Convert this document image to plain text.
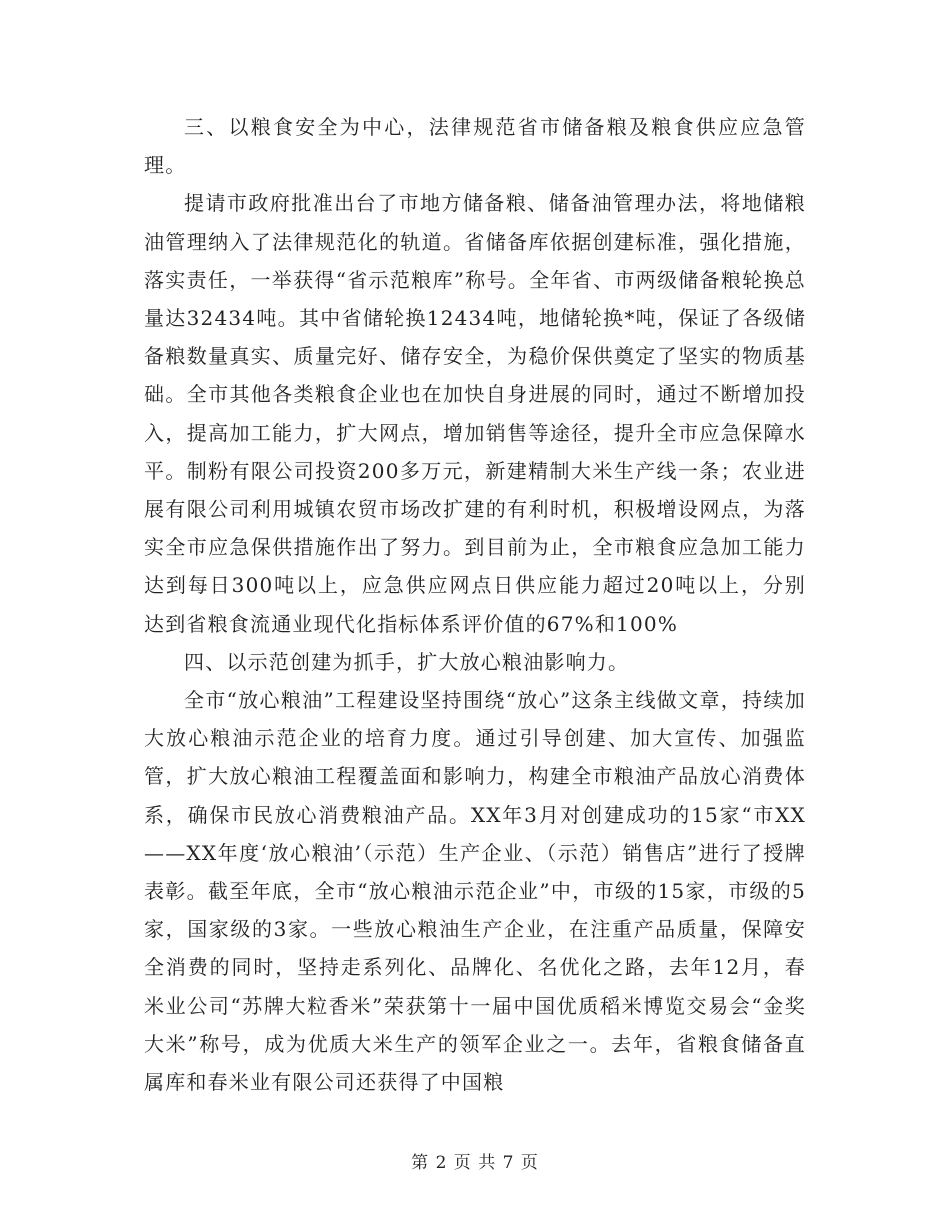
三、以粮食安全为中心，法律规范省市储备粮及粮食供应应急管理。

提请市政府批准出台了市地方储备粮、储备油管理办法，将地储粮油管理纳入了法律规范化的轨道。省储备库依据创建标准，强化措施，落实责任，一举获得“省示范粮库”称号。全年省、市两级储备粮轮换总量达32434吨。其中省储轮换12434吨，地储轮换*吨，保证了各级储备粮数量真实、质量完好、储存安全，为稳价保供奠定了坚实的物质基础。全市其他各类粮食企业也在加快自身进展的同时，通过不断增加投入，提高加工能力，扩大网点，增加销售等途径，提升全市应急保障水平。制粉有限公司投资200多万元，新建精制大米生产线一条；农业进展有限公司利用城镇农贸市场改扩建的有利时机，积极增设网点，为落实全市应急保供措施作出了努力。到目前为止，全市粮食应急加工能力达到每日300吨以上，应急供应网点日供应能力超过20吨以上，分别达到省粮食流通业现代化指标体系评价值的67%和100%

四、以示范创建为抓手，扩大放心粮油影响力。

全市“放心粮油”工程建设坚持围绕“放心”这条主线做文章，持续加大放心粮油示范企业的培育力度。通过引导创建、加大宣传、加强监管，扩大放心粮油工程覆盖面和影响力，构建全市粮油产品放心消费体系，确保市民放心消费粮油产品。XX年3月对创建成功的15家“市XX——XX年度‘放心粮油’（示范）生产企业、（示范）销售店”进行了授牌表彰。截至年底，全市“放心粮油示范企业”中，市级的15家，市级的5家，国家级的3家。一些放心粮油生产企业，在注重产品质量，保障安全消费的同时，坚持走系列化、品牌化、名优化之路，去年12月，春米业公司“苏牌大粒香米”荣获第十一届中国优质稻米博览交易会“金奖大米”称号，成为优质大米生产的领军企业之一。去年，省粮食储备直属库和春米业有限公司还获得了中国粮

第 2 页 共 7 页
